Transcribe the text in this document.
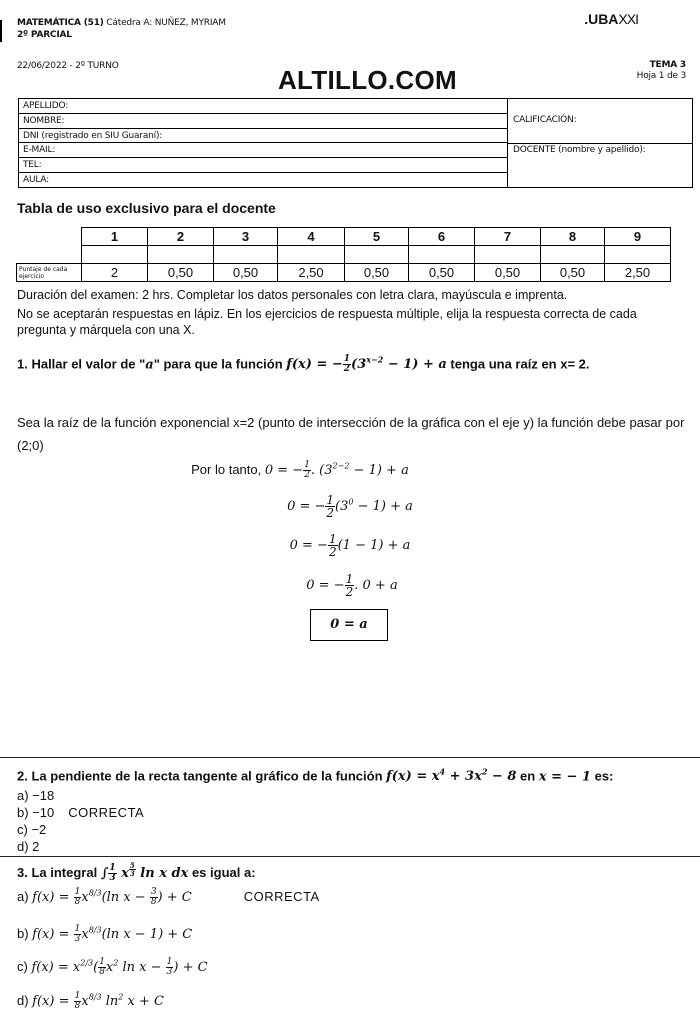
MATEMÁTICA (51) Cátedra A: NUÑEZ, MYRIAM
2º PARCIAL
.UBAXXI
22/06/2022 - 2º TURNO	TEMA 3
Hoja 1 de 3
ALTILLO.COM
APELLIDO:
NOMBRE:
DNI (registrado en SIU Guaraní):
E-MAIL:
TEL:
AULA:
CALIFICACIÓN:
DOCENTE (nombre y apellido):
Tabla de uso exclusivo para el docente
	1	2	3	4	5	6	7	8	9

Puntaje de cada ejercicio	2	0,50	0,50	2,50	0,50	0,50	0,50	0,50	2,50
Duración del examen: 2 hrs. Completar los datos personales con letra clara, mayúscula e imprenta.
No se aceptarán respuestas en lápiz. En los ejercicios de respuesta múltiple, elija la respuesta correcta de cada pregunta y márquela con una X.
1. Hallar el valor de "a" para que la función f(x) = − $\frac{1}{2} (3^{x-2} - 1) + a$ tenga una raíz en x= 2.
Sea la raíz de la función exponencial x=2 (punto de intersección de la gráfica con el eje y) la función debe pasar por (2;0)
Por lo tanto, 0 = − $\frac{1}{2}$ . $(3^{2-2} - 1) + a$
0 = − $\frac{1}{2} (3^0 - 1) + a$
0 = − $\frac{1}{2} (1 - 1) + a$
0 = − $\frac{1}{2}$ . 0 + a
0 = a
2. La pendiente de la recta tangente al gráfico de la función $f(x) = x^4 + 3x^2 - 8$ en x = − 1 es:
a) −18
b) −10 CORRECTA
c) −2
d) 2
3. La integral ∫ $\frac{1}{3}$ x $^{\frac{5}{3}}$ ln x dx es igual a:
a) $f(x) = \frac{1}{8} x^{8/3}(\ln$ $x - \frac{3}{8}$ ) + C	CORRECTA
b) $f(x) = \frac{1}{3} x^{8/3}(\ln$ x − 1) + C
c) $f(x) = x^{2/3}( \frac{1}{8} x^2$ $\ln x - \frac{1}{3}$ ) + C
d) $f(x) = \frac{1}{8} x^{8/3}$ $\ln^2 x + C$
